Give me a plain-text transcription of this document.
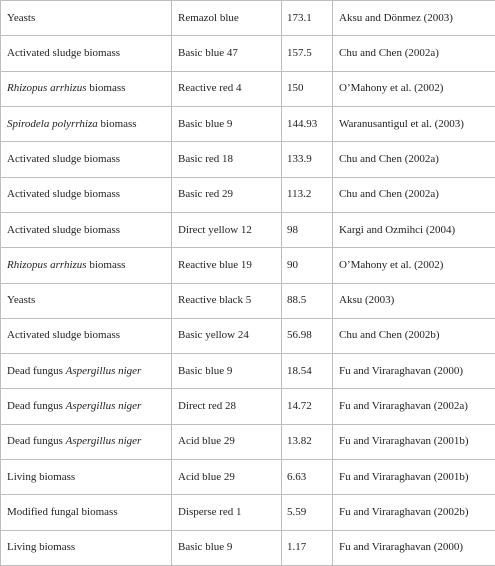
Yeasts	Remazol blue	173.1	Aksu and Dönmez (2003)
Activated sludge biomass	Basic blue 47	157.5	Chu and Chen (2002a)
Rhizopus arrhizus biomass	Reactive red 4	150	O’Mahony et al. (2002)
Spirodela polyrrhiza biomass	Basic blue 9	144.93	Waranusantigul et al. (2003)
Activated sludge biomass	Basic red 18	133.9	Chu and Chen (2002a)
Activated sludge biomass	Basic red 29	113.2	Chu and Chen (2002a)
Activated sludge biomass	Direct yellow 12	98	Kargi and Ozmihci (2004)
Rhizopus arrhizus biomass	Reactive blue 19	90	O’Mahony et al. (2002)
Yeasts	Reactive black 5	88.5	Aksu (2003)
Activated sludge biomass	Basic yellow 24	56.98	Chu and Chen (2002b)
Dead fungus Aspergillus niger	Basic blue 9	18.54	Fu and Viraraghavan (2000)
Dead fungus Aspergillus niger	Direct red 28	14.72	Fu and Viraraghavan (2002a)
Dead fungus Aspergillus niger	Acid blue 29	13.82	Fu and Viraraghavan (2001b)
Living biomass	Acid blue 29	6.63	Fu and Viraraghavan (2001b)
Modified fungal biomass	Disperse red 1	5.59	Fu and Viraraghavan (2002b)
Living biomass	Basic blue 9	1.17	Fu and Viraraghavan (2000)
